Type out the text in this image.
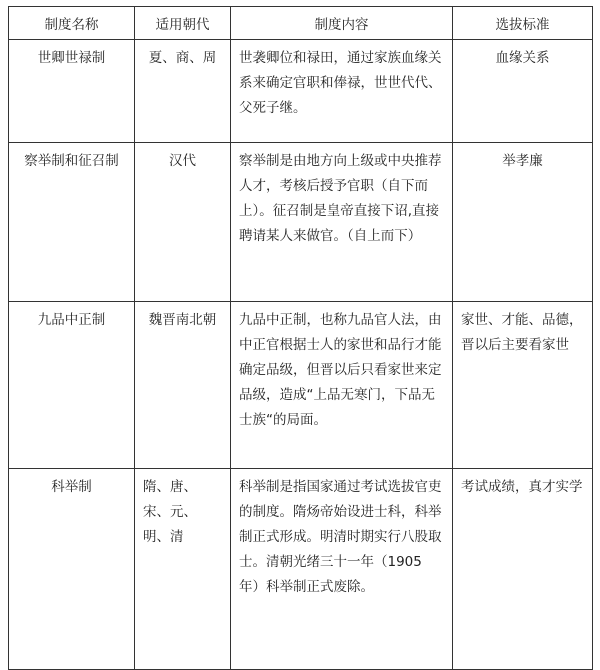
制度名称	适用朝代	制度内容	选拔标准
世卿世禄制	夏、商、周	世袭卿位和禄田，通过家族血缘关系来确定官职和俸禄，世世代代、父死子继。	血缘关系
察举制和征召制	汉代	察举制是由地方向上级或中央推荐人才，考核后授予官职（自下而上）。征召制是皇帝直接下诏,直接聘请某人来做官。（自上而下）	举孝廉
九品中正制	魏晋南北朝	九品中正制，也称九品官人法，由中正官根据士人的家世和品行才能确定品级，但晋以后只看家世来定品级，造成“上品无寒门，下品无士族“的局面。	家世、才能、品德，晋以后主要看家世
科举制	隋、唐、宋、元、明、清	科举制是指国家通过考试选拔官吏的制度。隋炀帝始设进士科，科举制正式形成。明清时期实行八股取士。清朝光绪三十一年（1905 年）科举制正式废除。	考试成绩，真才实学
